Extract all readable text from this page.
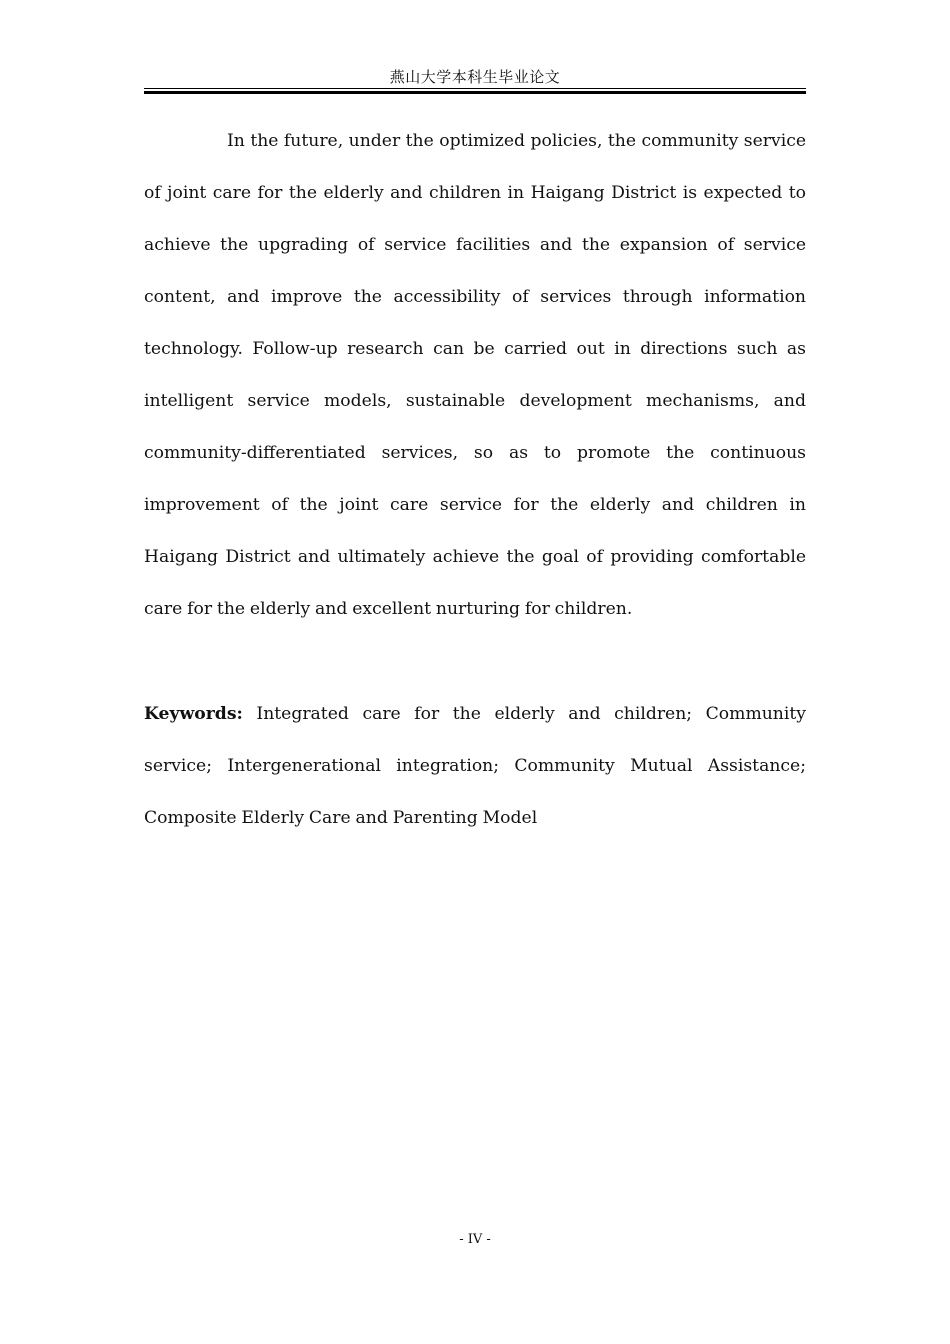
燕山大学本科生毕业论文

In the future, under the optimized policies, the community service of joint care for the elderly and children in Haigang District is expected to achieve the upgrading of service facilities and the expansion of service content, and improve the accessibility of services through information technology. Follow-up research can be carried out in directions such as intelligent service models, sustainable development mechanisms, and community-differentiated services, so as to promote the continuous improvement of the joint care service for the elderly and children in Haigang District and ultimately achieve the goal of providing comfortable care for the elderly and excellent nurturing for children.

Keywords: Integrated care for the elderly and children; Community service; Intergenerational integration; Community Mutual Assistance; Composite Elderly Care and Parenting Model

- IV -
